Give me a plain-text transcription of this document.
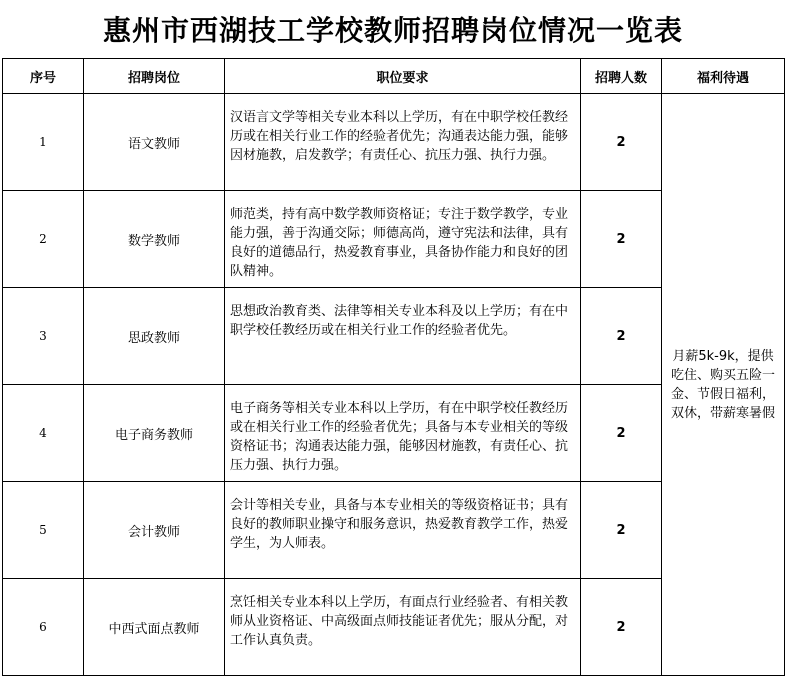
惠州市西湖技工学校教师招聘岗位情况一览表
序号	招聘岗位	职位要求	招聘人数	福利待遇
1	语文教师	汉语言文学等相关专业本科以上学历，有在中职学校任教经历或在相关行业工作的经验者优先；沟通表达能力强，能够因材施教，启发教学；有责任心、抗压力强、执行力强。	2	月薪5k-9k，提供吃住、购买五险一金、节假日福利，双休，带薪寒暑假
2	数学教师	师范类，持有高中数学教师资格证；专注于数学教学，专业能力强，善于沟通交际；师德高尚，遵守宪法和法律，具有良好的道德品行，热爱教育事业，具备协作能力和良好的团队精神。	2	
3	思政教师	思想政治教育类、法律等相关专业本科及以上学历；有在中职学校任教经历或在相关行业工作的经验者优先。	2	
4	电子商务教师	电子商务等相关专业本科以上学历，有在中职学校任教经历或在相关行业工作的经验者优先；具备与本专业相关的等级资格证书；沟通表达能力强，能够因材施教，有责任心、抗压力强、执行力强。	2	
5	会计教师	会计等相关专业，具备与本专业相关的等级资格证书；具有良好的教师职业操守和服务意识，热爱教育教学工作，热爱学生，为人师表。	2	
6	中西式面点教师	烹饪相关专业本科以上学历，有面点行业经验者、有相关教师从业资格证、中高级面点师技能证者优先；服从分配，对工作认真负责。	2	
